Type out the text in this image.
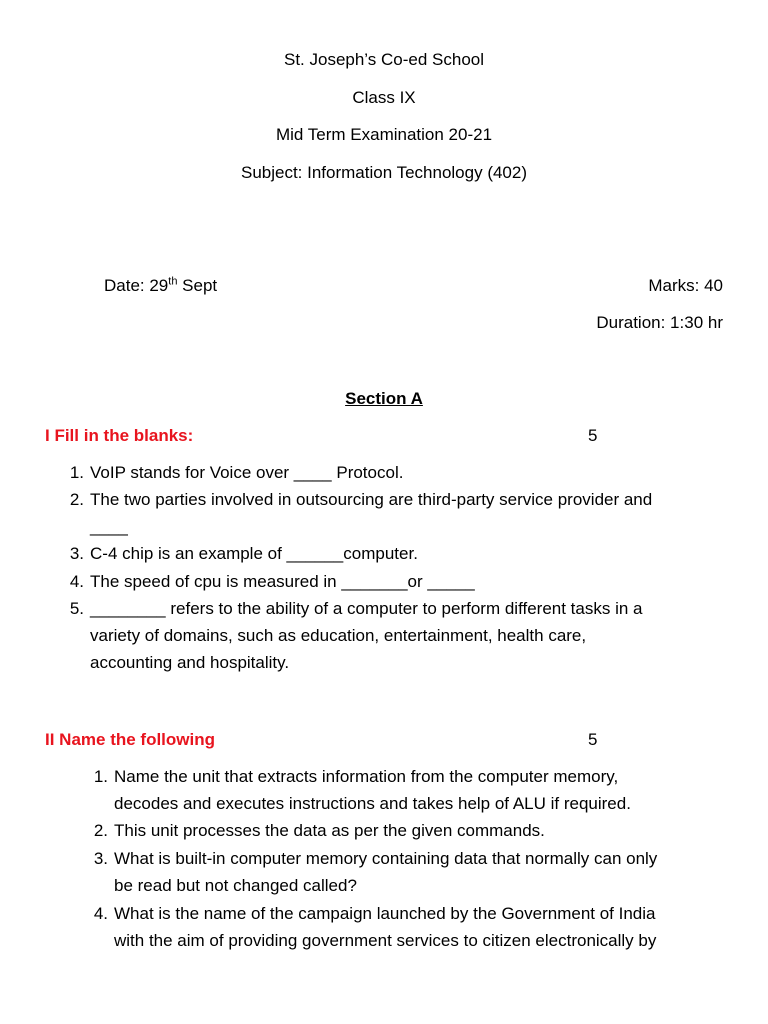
St. Joseph’s Co-ed School
Class IX
Mid Term Examination 20-21
Subject: Information Technology (402)
Date: 29th Sept	Marks: 40
Duration: 1:30 hr
Section A
I Fill in the blanks:	5
1. VoIP stands for Voice over ____ Protocol.
2. The two parties involved in outsourcing are third-party service provider and
____
3. C-4 chip is an example of ______computer.
4. The speed of cpu is measured in _______or _____
5. ________ refers to the ability of a computer to perform different tasks in a
variety of domains, such as education, entertainment, health care,
accounting and hospitality.
II Name the following	5
1. Name the unit that extracts information from the computer memory,
decodes and executes instructions and takes help of ALU if required.
2. This unit processes the data as per the given commands.
3. What is built-in computer memory containing data that normally can only
be read but not changed called?
4. What is the name of the campaign launched by the Government of India
with the aim of providing government services to citizen electronically by
